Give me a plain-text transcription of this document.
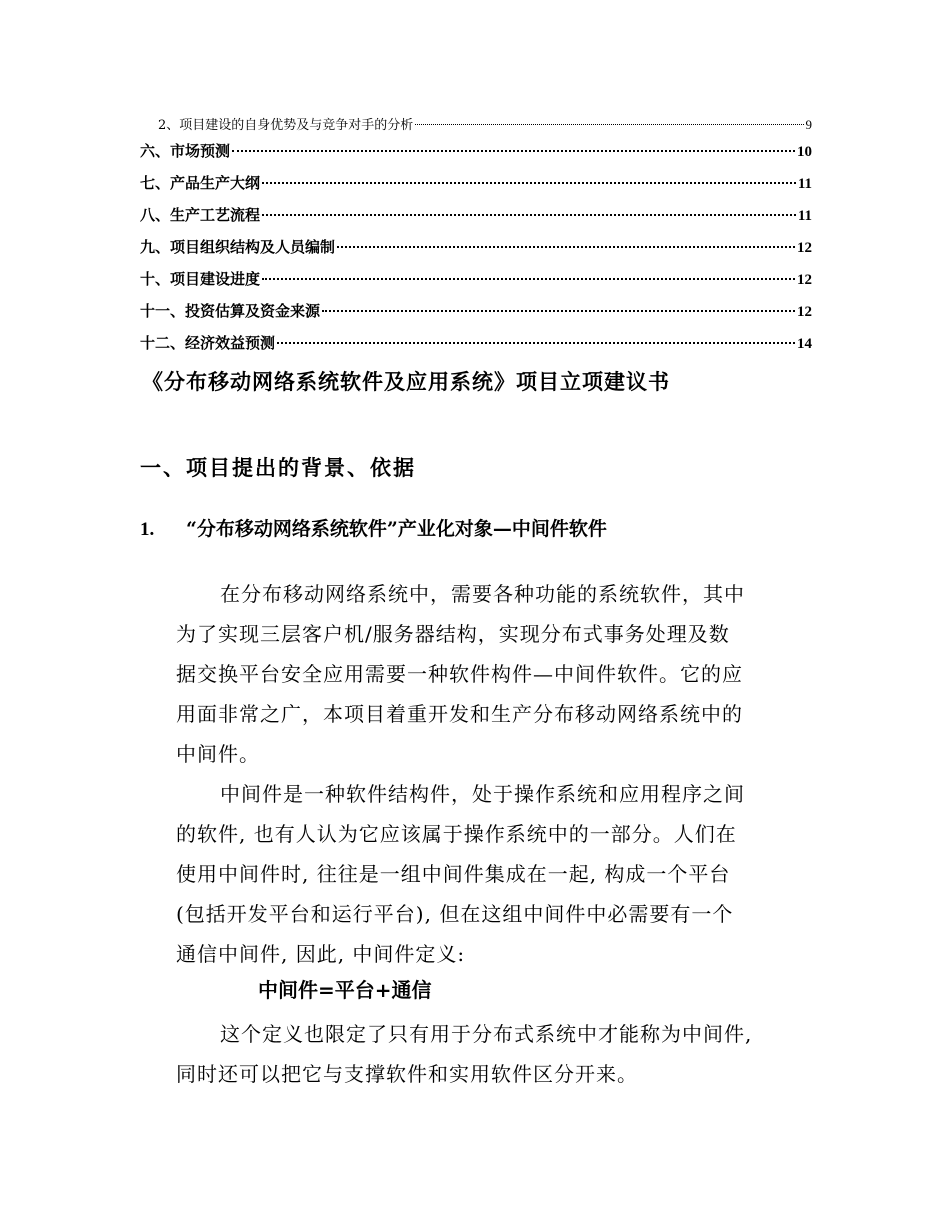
2、项目建设的自身优势及与竞争对手的分析	9
六、市场预测	10
七、产品生产大纲	11
八、生产工艺流程	11
九、项目组织结构及人员编制	12
十、项目建设进度	12
十一、投资估算及资金来源	12
十二、经济效益预测	14
《分布移动网络系统软件及应用系统》项目立项建议书
一、项目提出的背景、依据
1. “分布移动网络系统软件”产业化对象—中间件软件
在分布移动网络系统中，需要各种功能的系统软件，其中
为了实现三层客户机/服务器结构，实现分布式事务处理及数
据交换平台安全应用需要一种软件构件—中间件软件。它的应
用面非常之广，本项目着重开发和生产分布移动网络系统中的
中间件。
中间件是一种软件结构件，处于操作系统和应用程序之间
的软件, 也有人认为它应该属于操作系统中的一部分。人们在
使用中间件时, 往往是一组中间件集成在一起, 构成一个平台
(包括开发平台和运行平台), 但在这组中间件中必需要有一个
通信中间件, 因此, 中间件定义:
中间件=平台+通信
这个定义也限定了只有用于分布式系统中才能称为中间件,
同时还可以把它与支撑软件和实用软件区分开来。
